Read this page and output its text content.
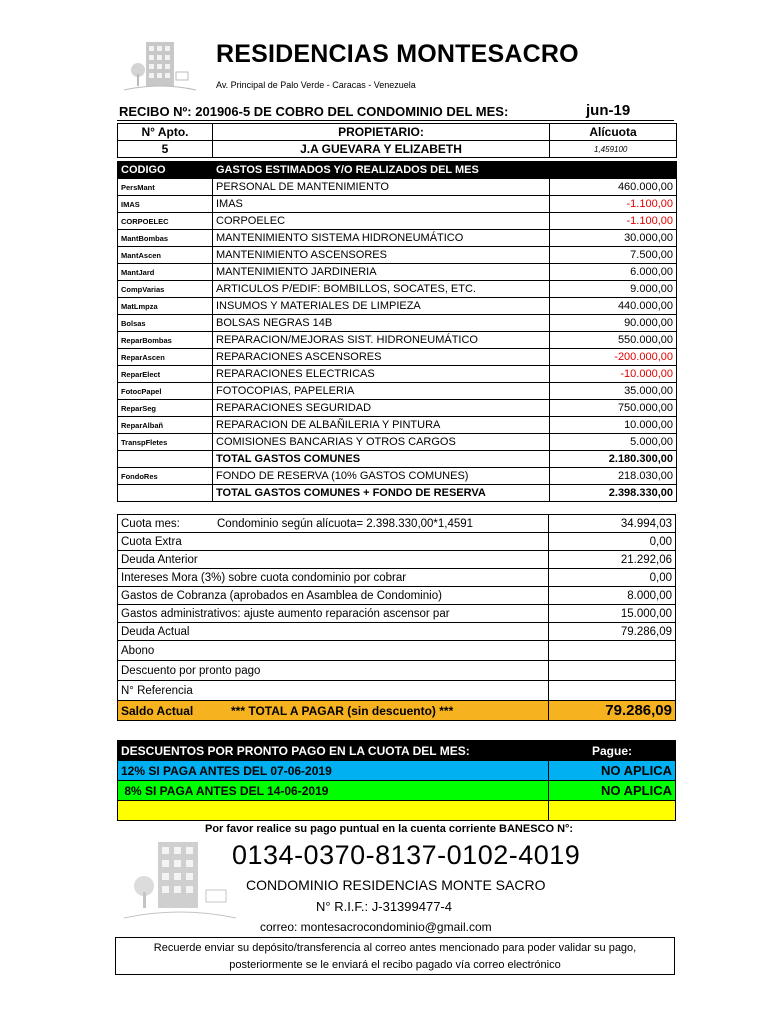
RESIDENCIAS MONTESACRO
Av. Principal de Palo Verde - Caracas - Venezuela
RECIBO Nº: 201906-5 DE COBRO DEL CONDOMINIO DEL MES:	jun-19
N° Apto.	PROPIETARIO:	Alícuota
5	J.A GUEVARA Y ELIZABETH	1,459100
CODIGO	GASTOS ESTIMADOS Y/O REALIZADOS DEL MES	
PersMant	PERSONAL DE MANTENIMIENTO	460.000,00
IMAS	IMAS	-1.100,00
CORPOELEC	CORPOELEC	-1.100,00
MantBombas	MANTENIMIENTO SISTEMA HIDRONEUMÁTICO	30.000,00
MantAscen	MANTENIMIENTO ASCENSORES	7.500,00
MantJard	MANTENIMIENTO JARDINERIA	6.000,00
CompVarias	ARTICULOS P/EDIF: BOMBILLOS, SOCATES, ETC.	9.000,00
MatLmpza	INSUMOS Y MATERIALES DE LIMPIEZA	440.000,00
Bolsas	BOLSAS NEGRAS 14B	90.000,00
ReparBombas	REPARACION/MEJORAS SIST. HIDRONEUMÁTICO	550.000,00
ReparAscen	REPARACIONES ASCENSORES	-200.000,00
ReparElect	REPARACIONES ELECTRICAS	-10.000,00
FotocPapel	FOTOCOPIAS, PAPELERIA	35.000,00
ReparSeg	REPARACIONES SEGURIDAD	750.000,00
ReparAlbañ	REPARACION DE ALBAÑILERIA Y PINTURA	10.000,00
TranspFletes	COMISIONES BANCARIAS Y OTROS CARGOS	5.000,00
	TOTAL GASTOS COMUNES	2.180.300,00
FondoRes	FONDO DE RESERVA (10% GASTOS COMUNES)	218.030,00
	TOTAL GASTOS COMUNES + FONDO DE RESERVA	2.398.330,00
Cuota mes: Condominio según alícuota= 2.398.330,00*1,4591	34.994,03
Cuota Extra	0,00
Deuda Anterior	21.292,06
Intereses Mora (3%) sobre cuota condominio por cobrar	0,00
Gastos de Cobranza (aprobados en Asamblea de Condominio)	8.000,00
Gastos administrativos: ajuste aumento reparación ascensor par	15.000,00
Deuda Actual	79.286,09
Abono	
Descuento por pronto pago	
N° Referencia	
Saldo Actual *** TOTAL A PAGAR (sin descuento) ***	79.286,09
DESCUENTOS POR PRONTO PAGO EN LA CUOTA DEL MES:	Pague:
12% SI PAGA ANTES DEL 07-06-2019	NO APLICA
8% SI PAGA ANTES DEL 14-06-2019	NO APLICA

Por favor realice su pago puntual en la cuenta corriente BANESCO N°:
0134-0370-8137-0102-4019
CONDOMINIO RESIDENCIAS MONTE SACRO
N° R.I.F.: J-31399477-4
correo: montesacrocondominio@gmail.com
Recuerde enviar su depósito/transferencia al correo antes mencionado para poder validar su pago,
posteriormente se le enviará el recibo pagado vía correo electrónico
